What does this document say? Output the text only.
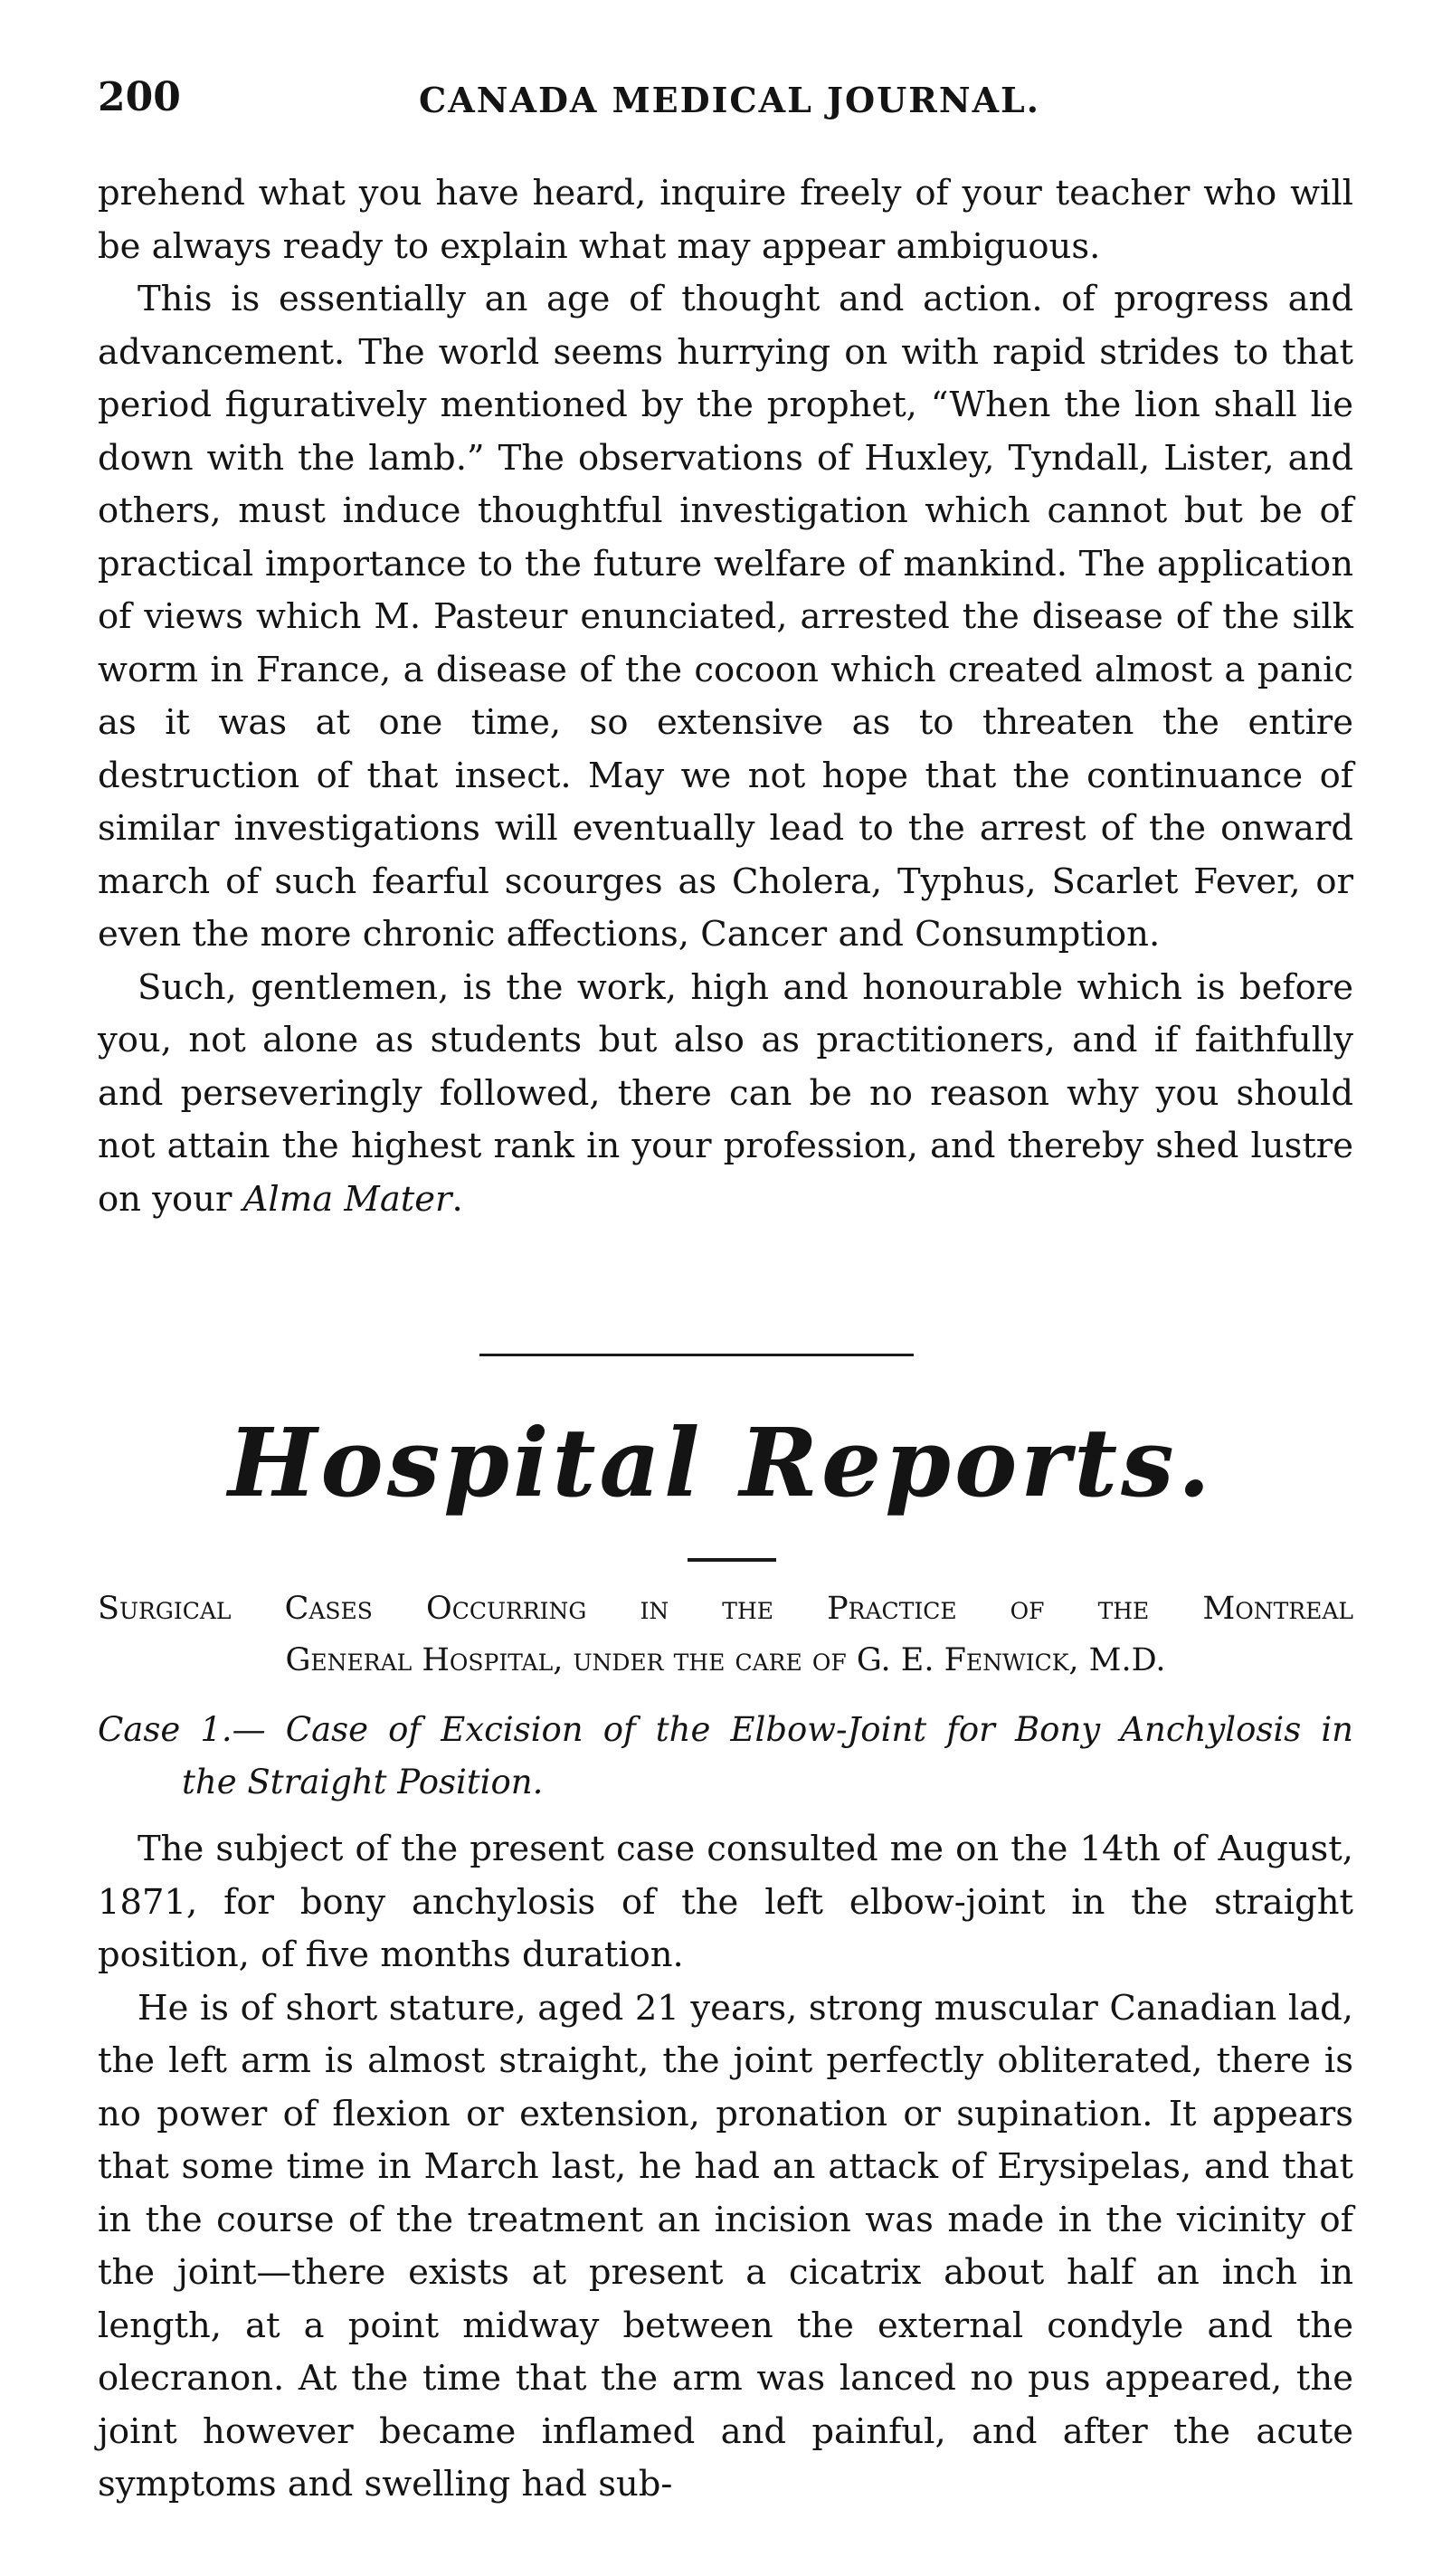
200	CANADA MEDICAL JOURNAL.

prehend what you have heard, inquire freely of your teacher who will be always ready to explain what may appear ambiguous.

This is essentially an age of thought and action. of progress and advancement. The world seems hurrying on with rapid strides to that period figuratively mentioned by the prophet, “When the lion shall lie down with the lamb.” The observations of Huxley, Tyndall, Lister, and others, must induce thoughtful investigation which cannot but be of practical importance to the future welfare of mankind. The application of views which M. Pasteur enunciated, arrested the disease of the silk worm in France, a disease of the cocoon which created almost a panic as it was at one time, so extensive as to threaten the entire destruction of that insect. May we not hope that the continuance of similar investigations will eventually lead to the arrest of the onward march of such fearful scourges as Cholera, Typhus, Scarlet Fever, or even the more chronic affections, Cancer and Consumption.

Such, gentlemen, is the work, high and honourable which is before you, not alone as students but also as practitioners, and if faithfully and perseveringly followed, there can be no reason why you should not attain the highest rank in your profession, and thereby shed lustre on your Alma Mater.

Hospital Reports.
Surgical Cases Occurring in the Practice of the Montreal
General Hospital, under the care of G. E. Fenwick, M.D.
Case 1.— Case of Excision of the Elbow-Joint for Bony Anchylosis in
the Straight Position.

The subject of the present case consulted me on the 14th of August, 1871, for bony anchylosis of the left elbow-joint in the straight position, of five months duration.

He is of short stature, aged 21 years, strong muscular Canadian lad, the left arm is almost straight, the joint perfectly obliterated, there is no power of flexion or extension, pronation or supination. It appears that some time in March last, he had an attack of Erysipelas, and that in the course of the treatment an incision was made in the vicinity of the joint—there exists at present a cicatrix about half an inch in length, at a point midway between the external condyle and the olecranon. At the time that the arm was lanced no pus appeared, the joint however became inflamed and painful, and after the acute symptoms and swelling had sub-
